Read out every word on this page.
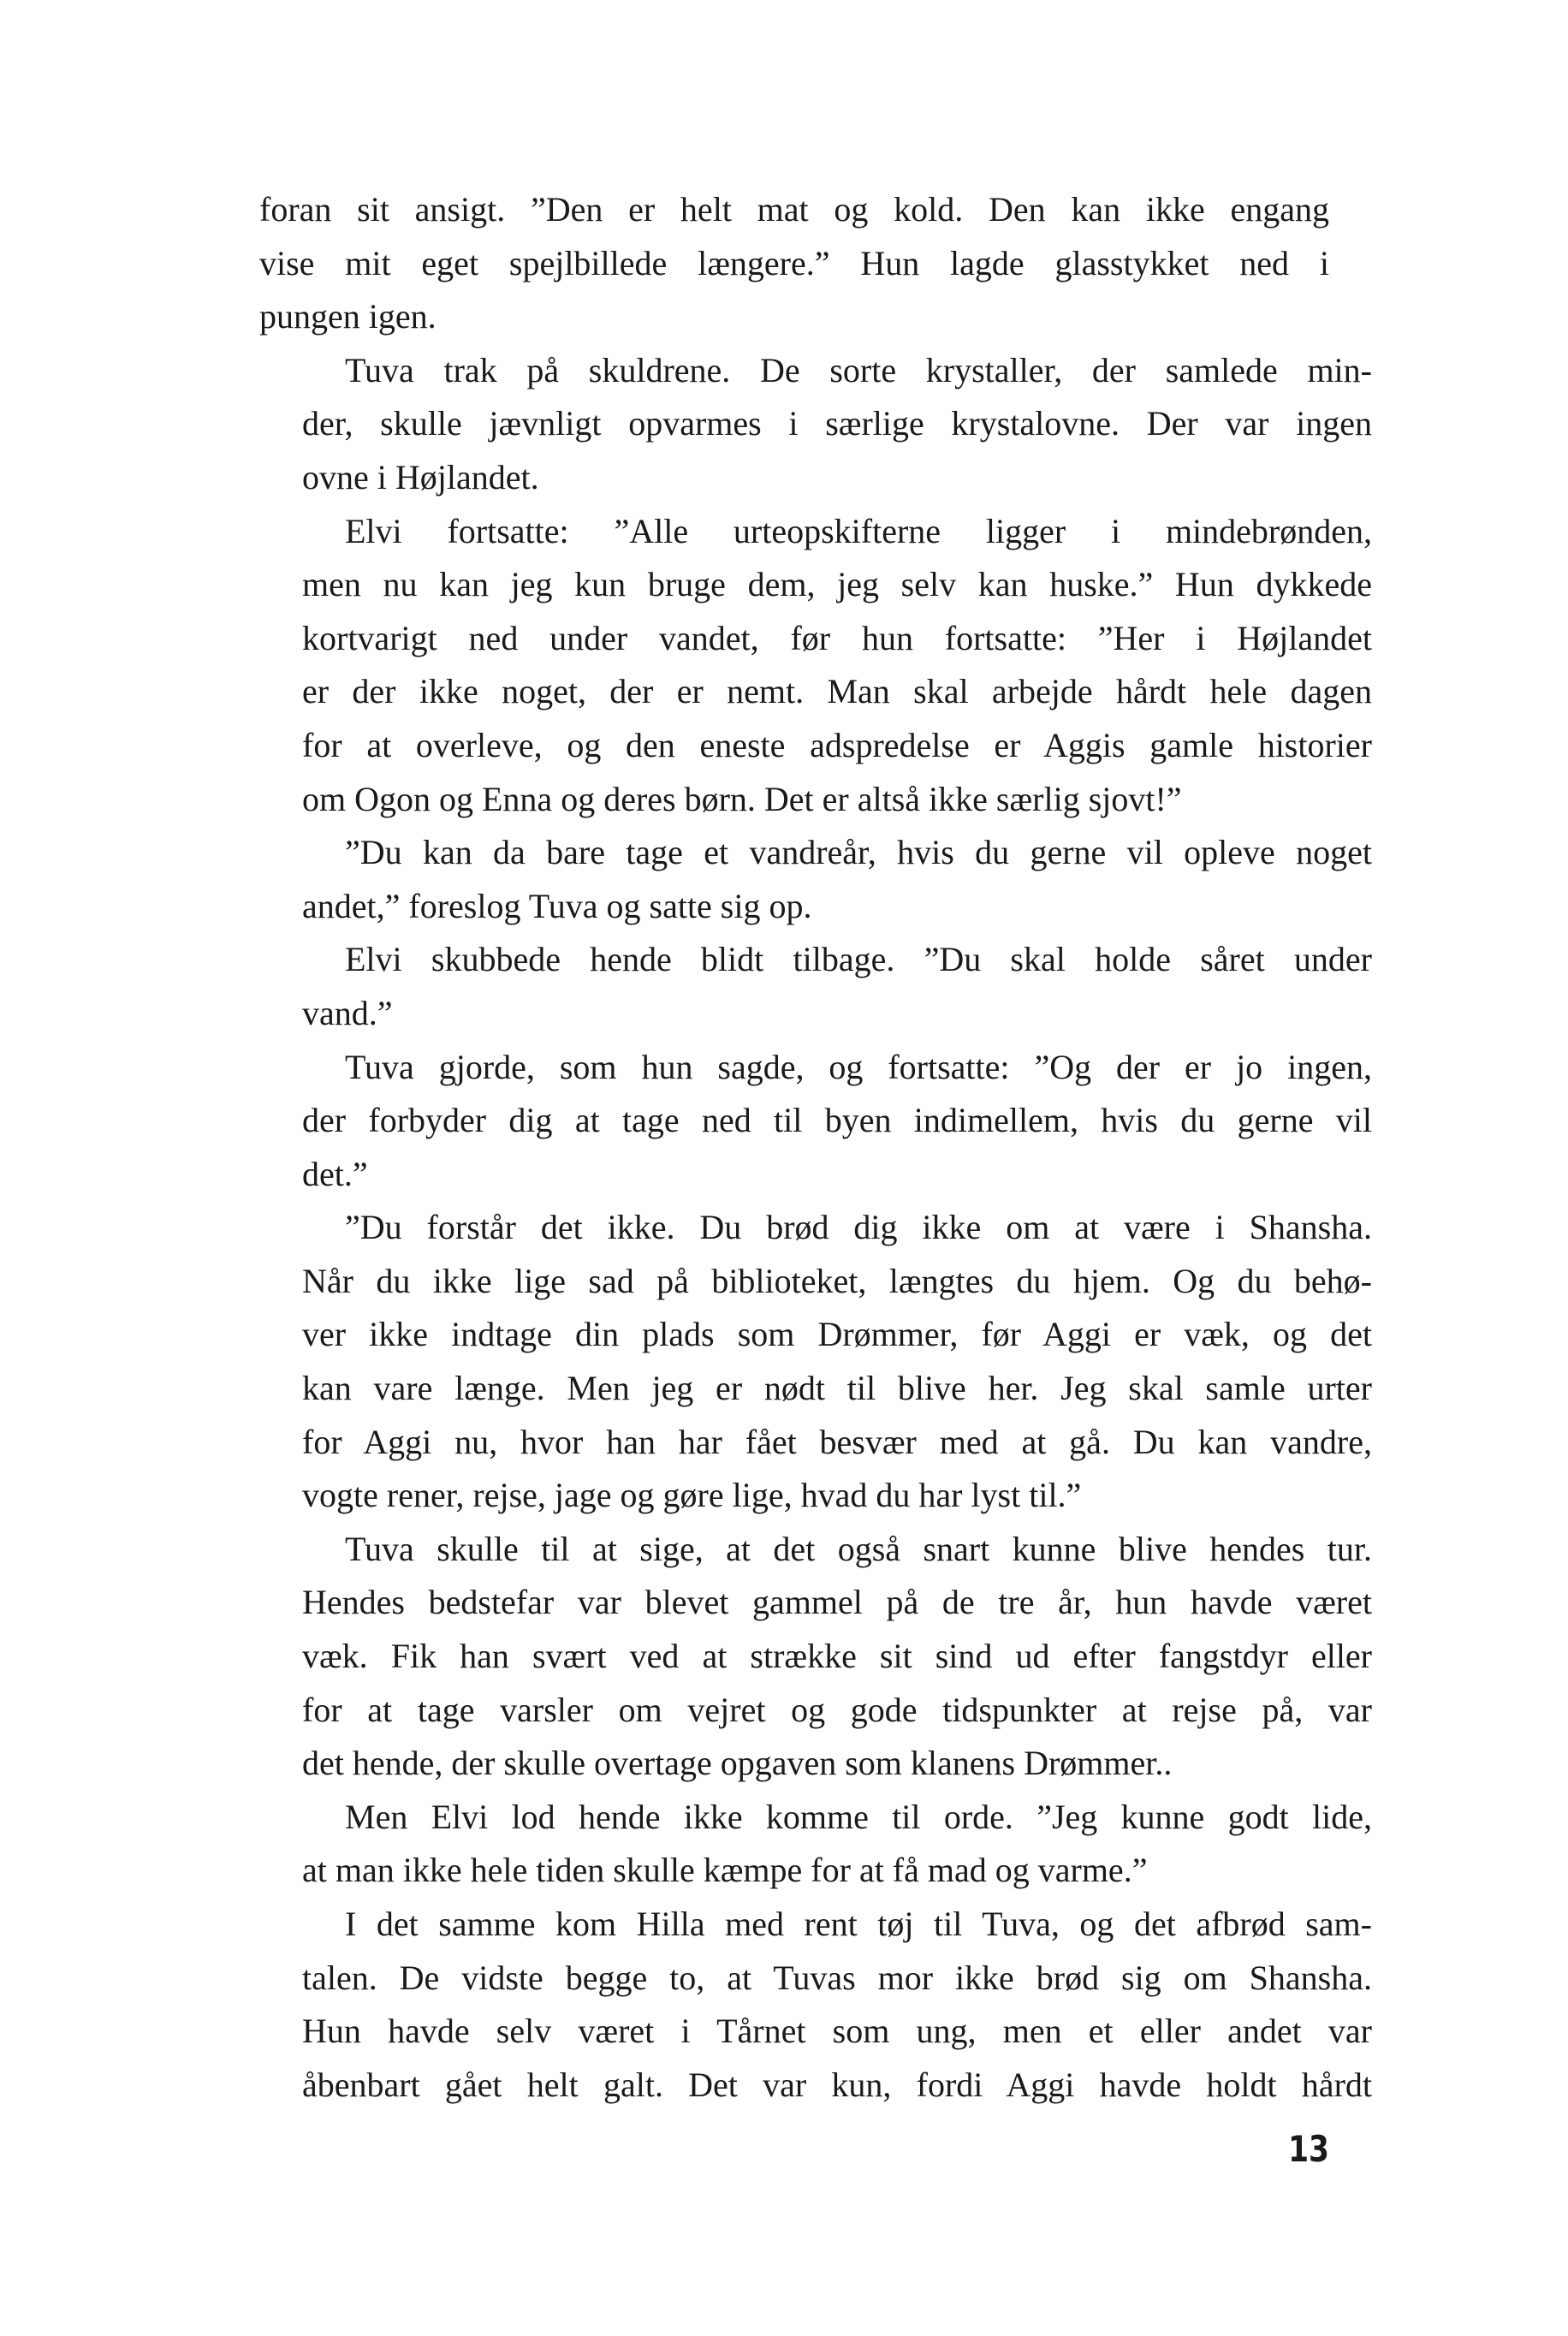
foran sit ansigt. ”Den er helt mat og kold. Den kan ikke engang
vise mit eget spejlbillede længere.” Hun lagde glasstykket ned i
pungen igen.
Tuva trak på skuldrene. De sorte krystaller, der samlede min-
der, skulle jævnligt opvarmes i særlige krystalovne. Der var ingen
ovne i Højlandet.
Elvi fortsatte: ”Alle urteopskifterne ligger i mindebrønden,
men nu kan jeg kun bruge dem, jeg selv kan huske.” Hun dykkede
kortvarigt ned under vandet, før hun fortsatte: ”Her i Højlandet
er der ikke noget, der er nemt. Man skal arbejde hårdt hele dagen
for at overleve, og den eneste adspredelse er Aggis gamle historier
om Ogon og Enna og deres børn. Det er altså ikke særlig sjovt!”
”Du kan da bare tage et vandreår, hvis du gerne vil opleve noget
andet,” foreslog Tuva og satte sig op.
Elvi skubbede hende blidt tilbage. ”Du skal holde såret under
vand.”
Tuva gjorde, som hun sagde, og fortsatte: ”Og der er jo ingen,
der forbyder dig at tage ned til byen indimellem, hvis du gerne vil
det.”
”Du forstår det ikke. Du brød dig ikke om at være i Shansha.
Når du ikke lige sad på biblioteket, længtes du hjem. Og du behø-
ver ikke indtage din plads som Drømmer, før Aggi er væk, og det
kan vare længe. Men jeg er nødt til blive her. Jeg skal samle urter
for Aggi nu, hvor han har fået besvær med at gå. Du kan vandre,
vogte rener, rejse, jage og gøre lige, hvad du har lyst til.”
Tuva skulle til at sige, at det også snart kunne blive hendes tur.
Hendes bedstefar var blevet gammel på de tre år, hun havde været
væk. Fik han svært ved at strække sit sind ud efter fangstdyr eller
for at tage varsler om vejret og gode tidspunkter at rejse på, var
det hende, der skulle overtage opgaven som klanens Drømmer..
Men Elvi lod hende ikke komme til orde. ”Jeg kunne godt lide,
at man ikke hele tiden skulle kæmpe for at få mad og varme.”
I det samme kom Hilla med rent tøj til Tuva, og det afbrød sam-
talen. De vidste begge to, at Tuvas mor ikke brød sig om Shansha.
Hun havde selv været i Tårnet som ung, men et eller andet var
åbenbart gået helt galt. Det var kun, fordi Aggi havde holdt hårdt
13
